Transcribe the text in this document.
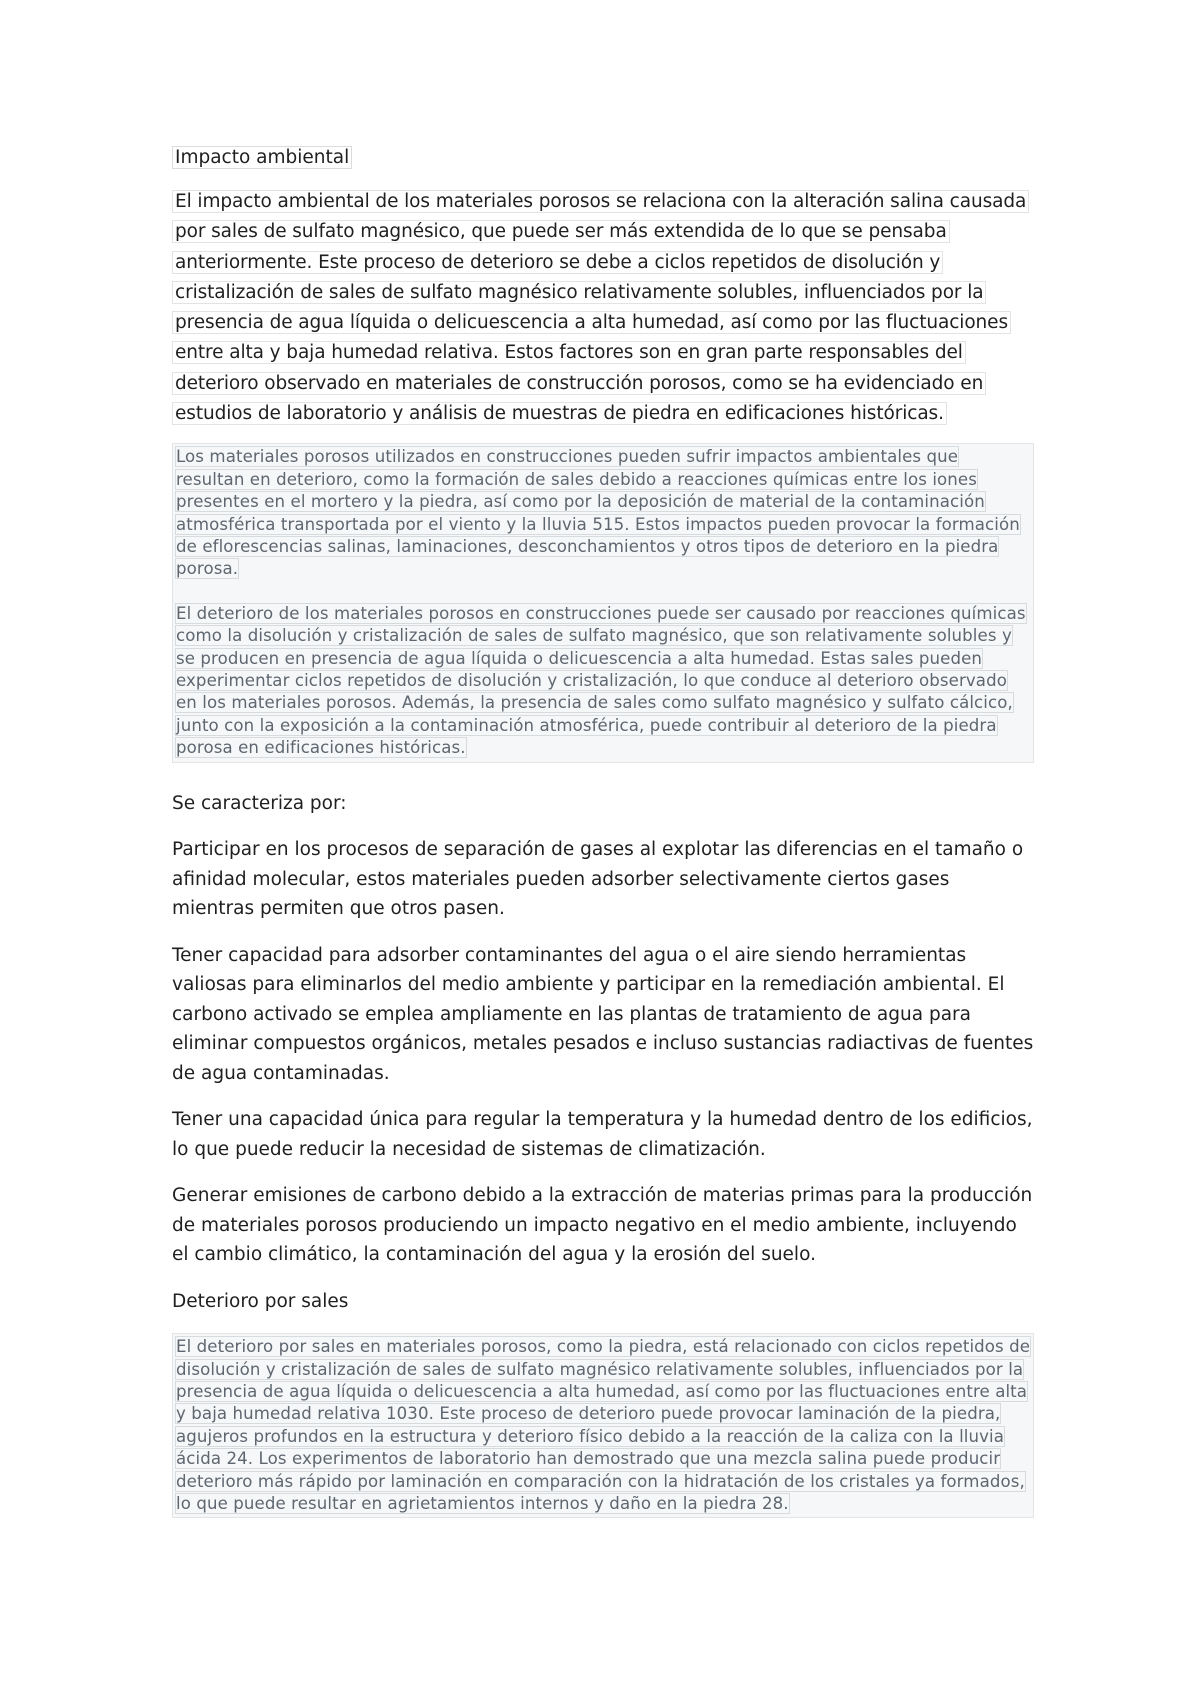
Impacto ambiental

El impacto ambiental de los materiales porosos se relaciona con la alteración salina causada por sales de sulfato magnésico, que puede ser más extendida de lo que se pensaba anteriormente. Este proceso de deterioro se debe a ciclos repetidos de disolución y cristalización de sales de sulfato magnésico relativamente solubles, influenciados por la presencia de agua líquida o delicuescencia a alta humedad, así como por las fluctuaciones entre alta y baja humedad relativa. Estos factores son en gran parte responsables del deterioro observado en materiales de construcción porosos, como se ha evidenciado en estudios de laboratorio y análisis de muestras de piedra en edificaciones históricas.

Los materiales porosos utilizados en construcciones pueden sufrir impactos ambientales que resultan en deterioro, como la formación de sales debido a reacciones químicas entre los iones presentes en el mortero y la piedra, así como por la deposición de material de la contaminación atmosférica transportada por el viento y la lluvia 515. Estos impactos pueden provocar la formación de eflorescencias salinas, laminaciones, desconchamientos y otros tipos de deterioro en la piedra porosa.

El deterioro de los materiales porosos en construcciones puede ser causado por reacciones químicas como la disolución y cristalización de sales de sulfato magnésico, que son relativamente solubles y se producen en presencia de agua líquida o delicuescencia a alta humedad. Estas sales pueden experimentar ciclos repetidos de disolución y cristalización, lo que conduce al deterioro observado en los materiales porosos. Además, la presencia de sales como sulfato magnésico y sulfato cálcico, junto con la exposición a la contaminación atmosférica, puede contribuir al deterioro de la piedra porosa en edificaciones históricas.

Se caracteriza por:

Participar en los procesos de separación de gases al explotar las diferencias en el tamaño o afinidad molecular, estos materiales pueden adsorber selectivamente ciertos gases mientras permiten que otros pasen.

Tener capacidad para adsorber contaminantes del agua o el aire siendo herramientas valiosas para eliminarlos del medio ambiente y participar en la remediación ambiental. El carbono activado se emplea ampliamente en las plantas de tratamiento de agua para eliminar compuestos orgánicos, metales pesados e incluso sustancias radiactivas de fuentes de agua contaminadas.

Tener una capacidad única para regular la temperatura y la humedad dentro de los edificios, lo que puede reducir la necesidad de sistemas de climatización.

Generar emisiones de carbono debido a la extracción de materias primas para la producción de materiales porosos produciendo un impacto negativo en el medio ambiente, incluyendo el cambio climático, la contaminación del agua y la erosión del suelo.

Deterioro por sales

El deterioro por sales en materiales porosos, como la piedra, está relacionado con ciclos repetidos de disolución y cristalización de sales de sulfato magnésico relativamente solubles, influenciados por la presencia de agua líquida o delicuescencia a alta humedad, así como por las fluctuaciones entre alta y baja humedad relativa 1030. Este proceso de deterioro puede provocar laminación de la piedra, agujeros profundos en la estructura y deterioro físico debido a la reacción de la caliza con la lluvia ácida 24. Los experimentos de laboratorio han demostrado que una mezcla salina puede producir deterioro más rápido por laminación en comparación con la hidratación de los cristales ya formados, lo que puede resultar en agrietamientos internos y daño en la piedra 28.
